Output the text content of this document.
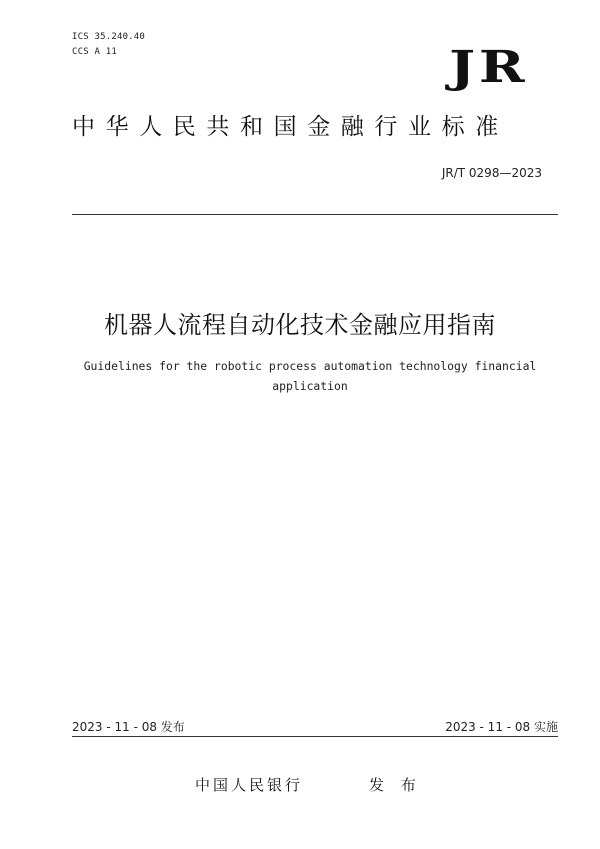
ICS 35.240.40
CCS A 11	JR
中华人民共和国金融行业标准
JR/T 0298—2023
机器人流程自动化技术金融应用指南
Guidelines for the robotic process automation technology financial application
2023 - 11 - 08 发布	2023 - 11 - 08 实施
中国人民银行	发 布
